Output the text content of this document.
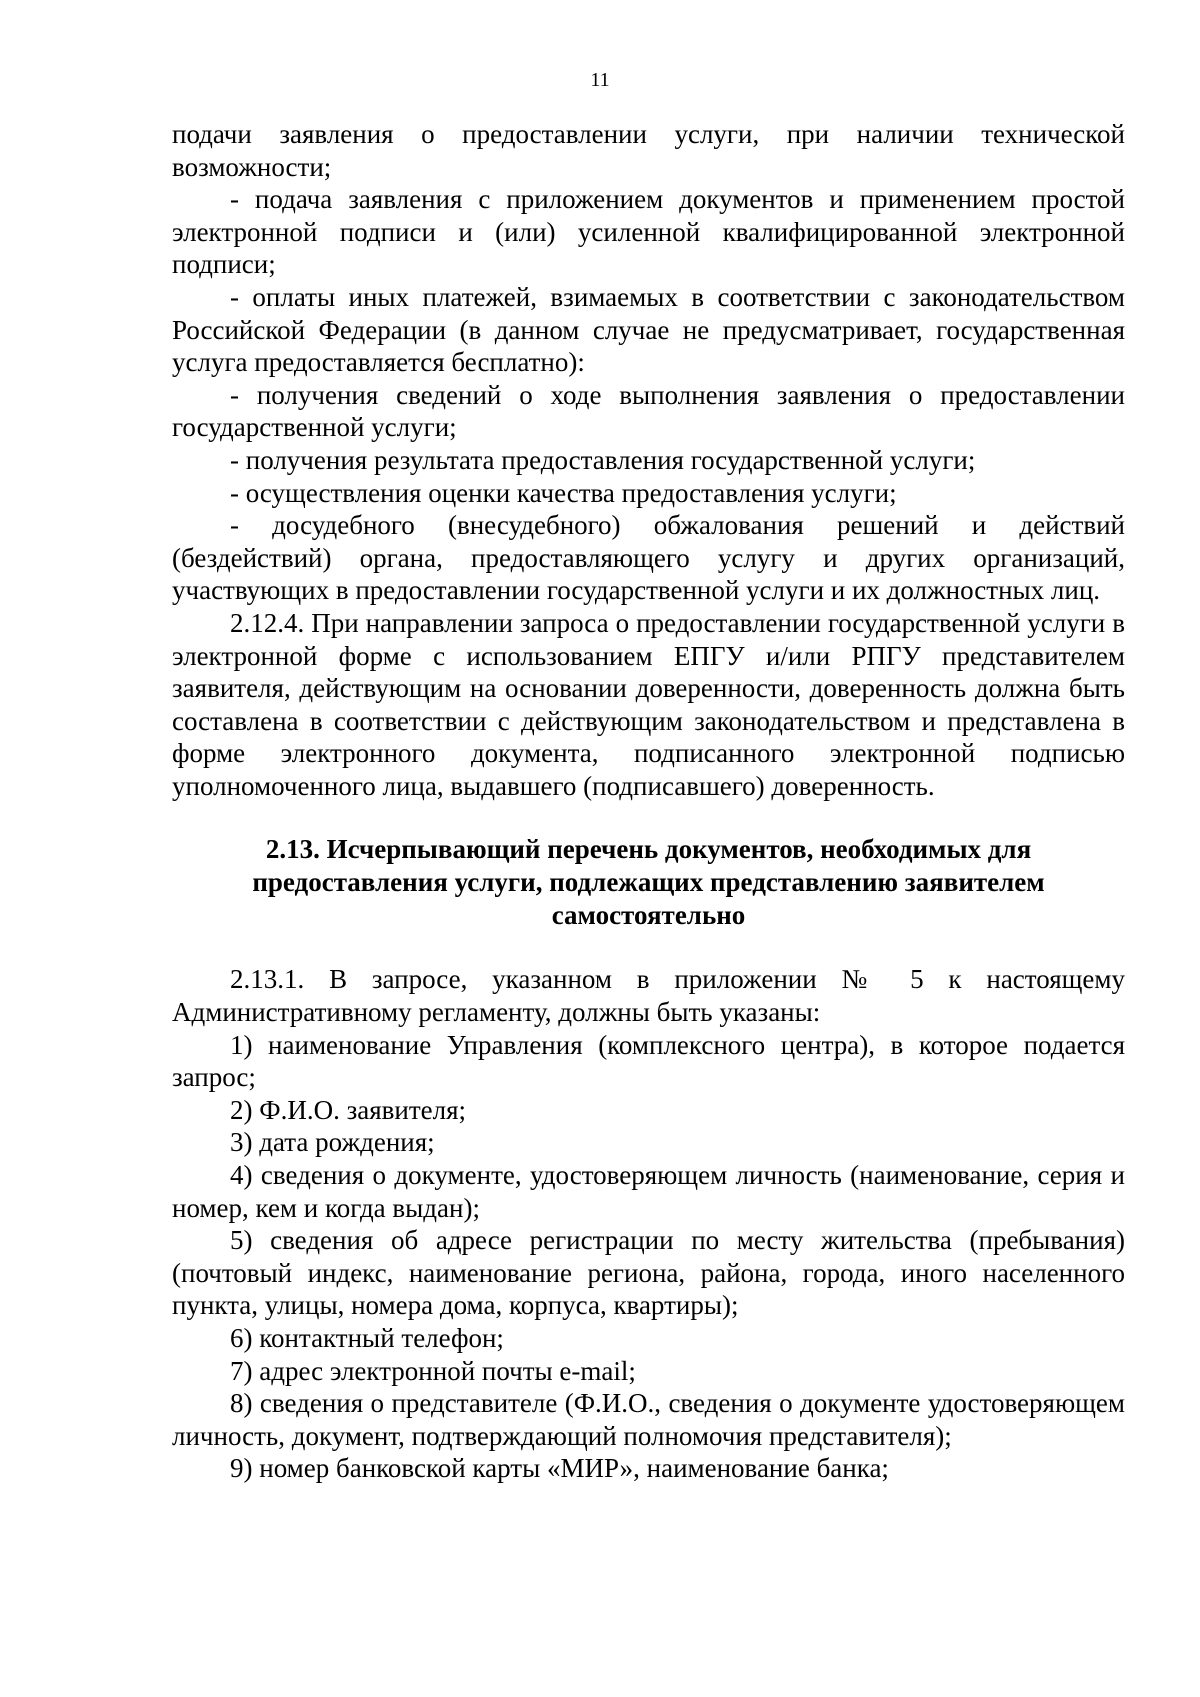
11

подачи заявления о предоставлении услуги, при наличии технической возможности;

- подача заявления с приложением документов и применением простой электронной подписи и (или) усиленной квалифицированной электронной подписи;

- оплаты иных платежей, взимаемых в соответствии с законодательством Российской Федерации (в данном случае не предусматривает, государственная услуга предоставляется бесплатно):

- получения сведений о ходе выполнения заявления о предоставлении государственной услуги;

- получения результата предоставления государственной услуги;

- осуществления оценки качества предоставления услуги;

- досудебного (внесудебного) обжалования решений и действий (бездействий) органа, предоставляющего услугу и других организаций, участвующих в предоставлении государственной услуги и их должностных лиц.

2.12.4. При направлении запроса о предоставлении государственной услуги в электронной форме с использованием ЕПГУ и/или РПГУ представителем заявителя, действующим на основании доверенности, доверенность должна быть составлена в соответствии с действующим законодательством и представлена в форме электронного документа, подписанного электронной подписью уполномоченного лица, выдавшего (подписавшего) доверенность.

2.13. Исчерпывающий перечень документов, необходимых для предоставления услуги, подлежащих представлению заявителем самостоятельно

2.13.1. В запросе, указанном в приложении № 5 к настоящему Административному регламенту, должны быть указаны:

1) наименование Управления (комплексного центра), в которое подается запрос;

2) Ф.И.О. заявителя;

3) дата рождения;

4) сведения о документе, удостоверяющем личность (наименование, серия и номер, кем и когда выдан);

5) сведения об адресе регистрации по месту жительства (пребывания) (почтовый индекс, наименование региона, района, города, иного населенного пункта, улицы, номера дома, корпуса, квартиры);

6) контактный телефон;

7) адрес электронной почты e-mail;

8) сведения о представителе (Ф.И.О., сведения о документе удостоверяющем личность, документ, подтверждающий полномочия представителя);

9) номер банковской карты «МИР», наименование банка;
